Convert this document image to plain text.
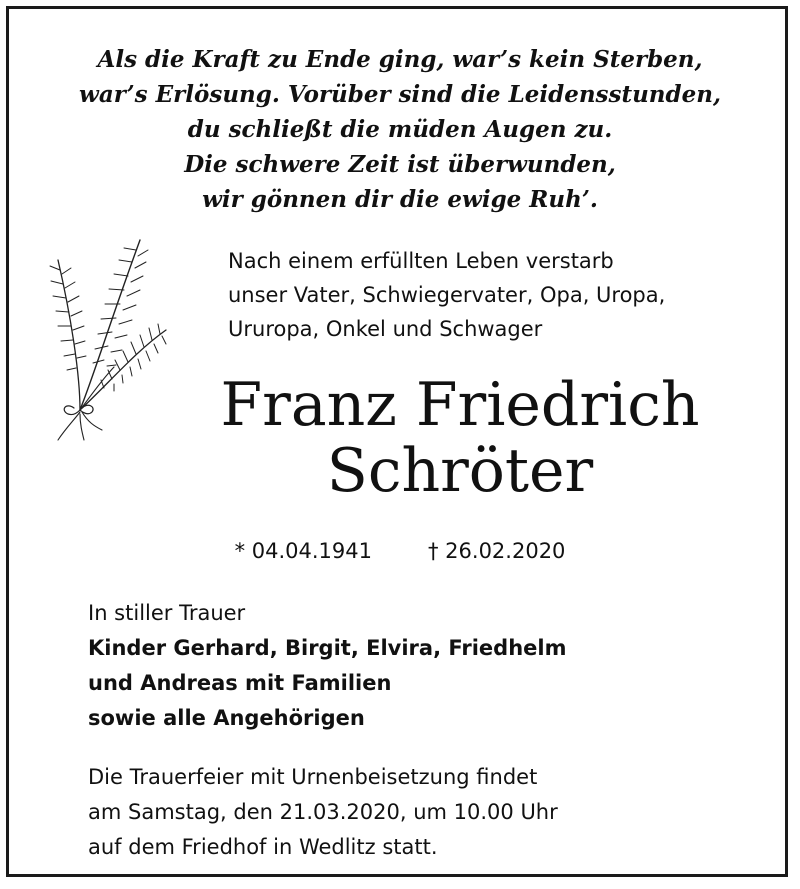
Als die Kraft zu Ende ging, war’s kein Sterben,
war’s Erlösung. Vorüber sind die Leidensstunden,
du schließt die müden Augen zu.
Die schwere Zeit ist überwunden,
wir gönnen dir die ewige Ruh’.
Nach einem erfüllten Leben verstarb
unser Vater, Schwiegervater, Opa, Uropa,
Ururopa, Onkel und Schwager
Franz Friedrich
Schröter
* 04.04.1941	† 26.02.2020
In stiller Trauer
Kinder Gerhard, Birgit, Elvira, Friedhelm
und Andreas mit Familien
sowie alle Angehörigen
Die Trauerfeier mit Urnenbeisetzung findet
am Samstag, den 21.03.2020, um 10.00 Uhr
auf dem Friedhof in Wedlitz statt.
